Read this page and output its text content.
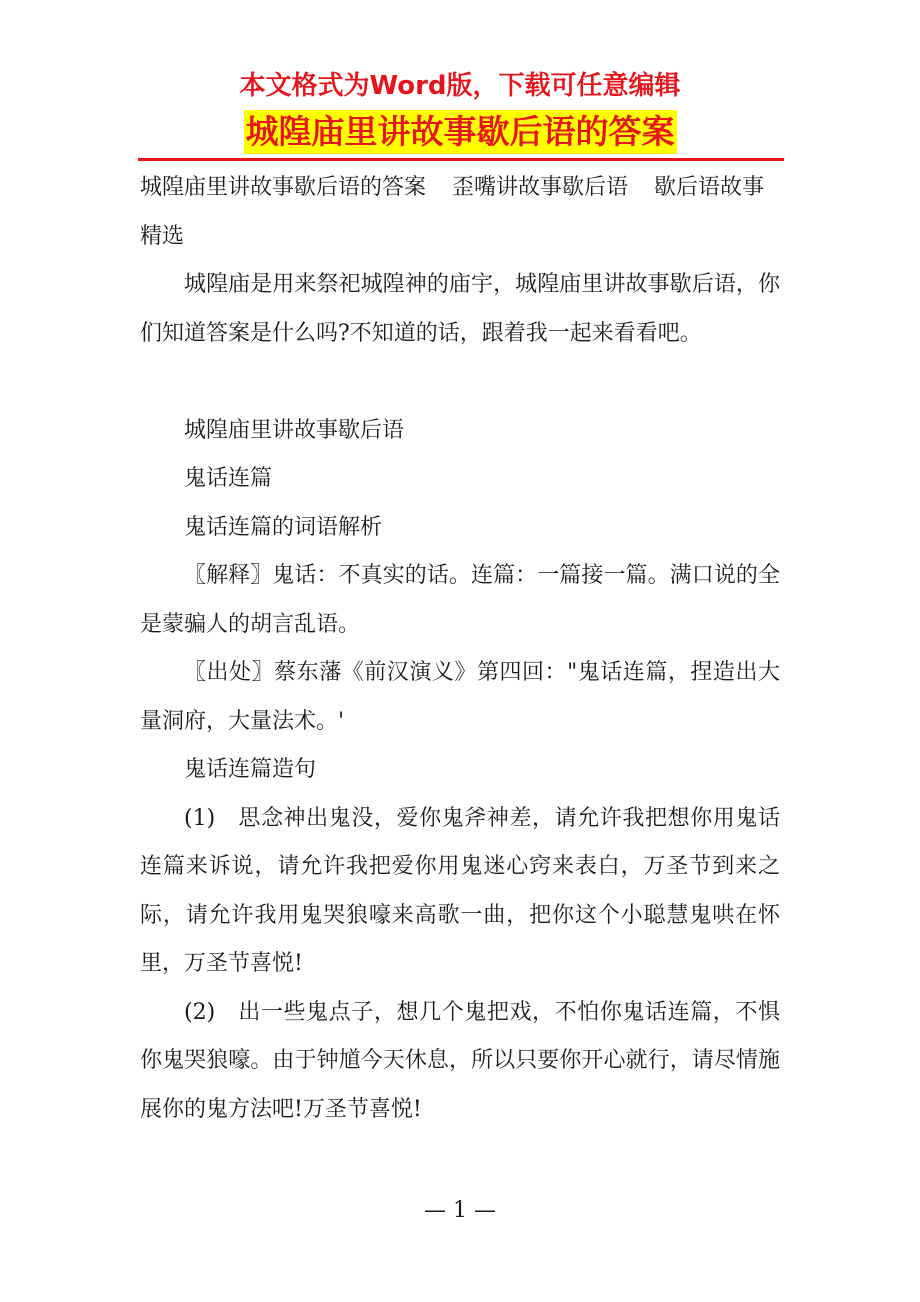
本文格式为Word版，下载可任意编辑
城隍庙里讲故事歇后语的答案

城隍庙里讲故事歇后语的答案 歪嘴讲故事歇后语 歇后语故事精选

城隍庙是用来祭祀城隍神的庙宇，城隍庙里讲故事歇后语，你们知道答案是什么吗?不知道的话，跟着我一起来看看吧。

城隍庙里讲故事歇后语

鬼话连篇

鬼话连篇的词语解析

〖解释〗鬼话：不真实的话。连篇：一篇接一篇。满口说的全是蒙骗人的胡言乱语。

〖出处〗蔡东藩《前汉演义》第四回："鬼话连篇，捏造出大量洞府，大量法术。'

鬼话连篇造句

(1)　思念神出鬼没，爱你鬼斧神差，请允许我把想你用鬼话连篇来诉说，请允许我把爱你用鬼迷心窍来表白，万圣节到来之际，请允许我用鬼哭狼嚎来高歌一曲，把你这个小聪慧鬼哄在怀里，万圣节喜悦!

(2)　出一些鬼点子，想几个鬼把戏，不怕你鬼话连篇，不惧你鬼哭狼嚎。由于钟馗今天休息，所以只要你开心就行，请尽情施展你的鬼方法吧!万圣节喜悦!

— 1 —
